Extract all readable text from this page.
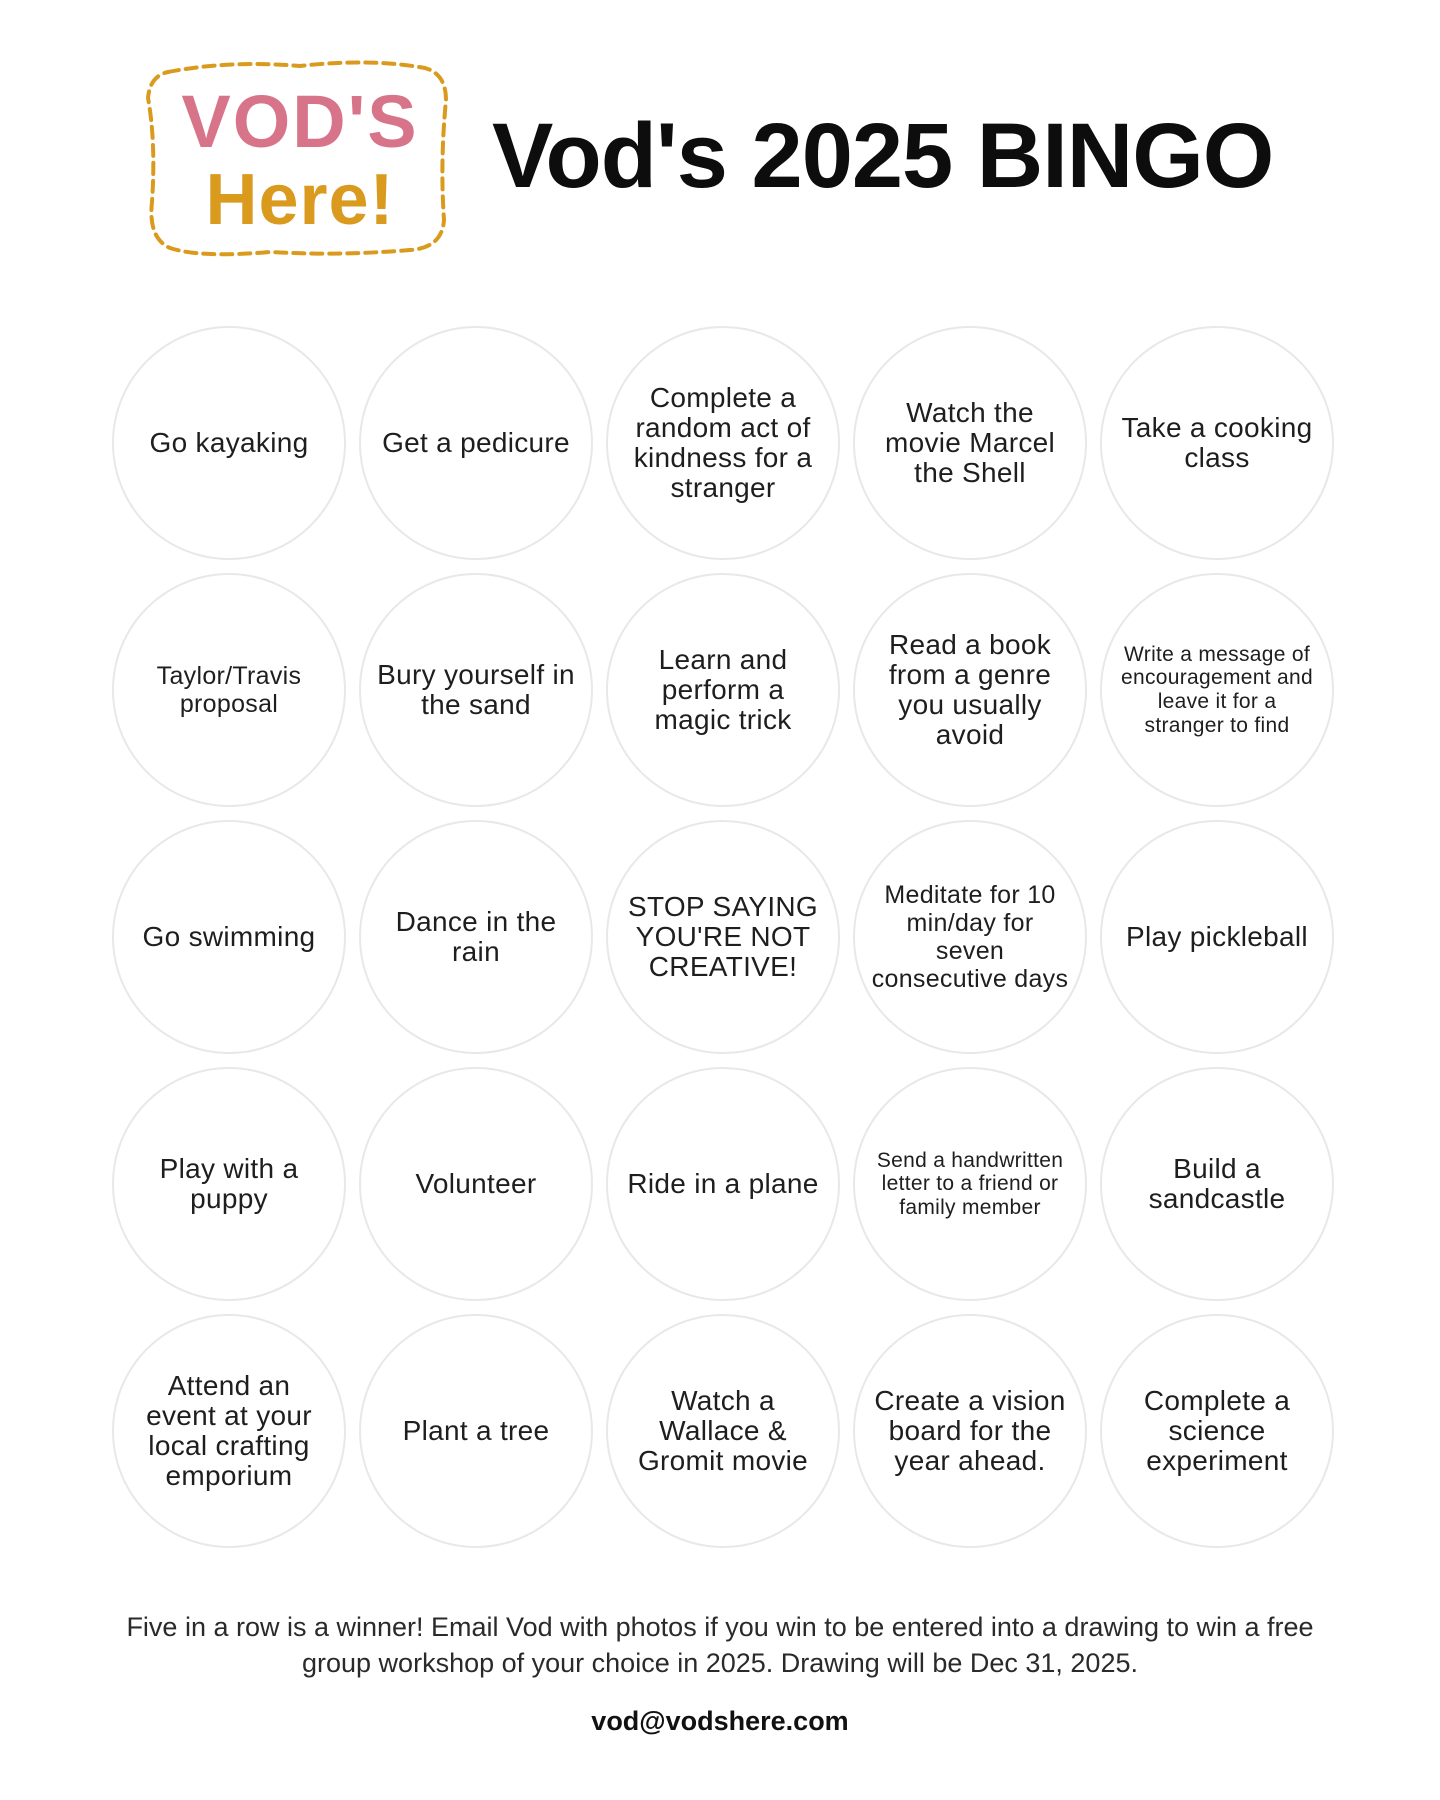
VOD'S
Here! Vod's 2025 BINGO
Go kayaking	Get a pedicure
Complete a random act of kindness for a stranger
Watch the movie Marcel the Shell
Take a cooking class
Taylor/Travis proposal
Bury yourself in the sand
Learn and perform a magic trick
Read a book from a genre you usually avoid
Write a message of encouragement and leave it for a stranger to find
Go swimming	Dance in the rain
STOP SAYING YOU'RE NOT CREATIVE!
Meditate for 10 min/day for seven consecutive days
Play pickleball
Play with a puppy	Volunteer	Ride in a plane
Send a handwritten letter to a friend or family member
Build a sandcastle
Attend an event at your local crafting emporium
Plant a tree
Watch a Wallace & Gromit movie
Create a vision board for the year ahead.
Complete a science experiment

Five in a row is a winner! Email Vod with photos if you win to be entered into a drawing to win a free group workshop of your choice in 2025. Drawing will be Dec 31, 2025.

vod@vodshere.com
